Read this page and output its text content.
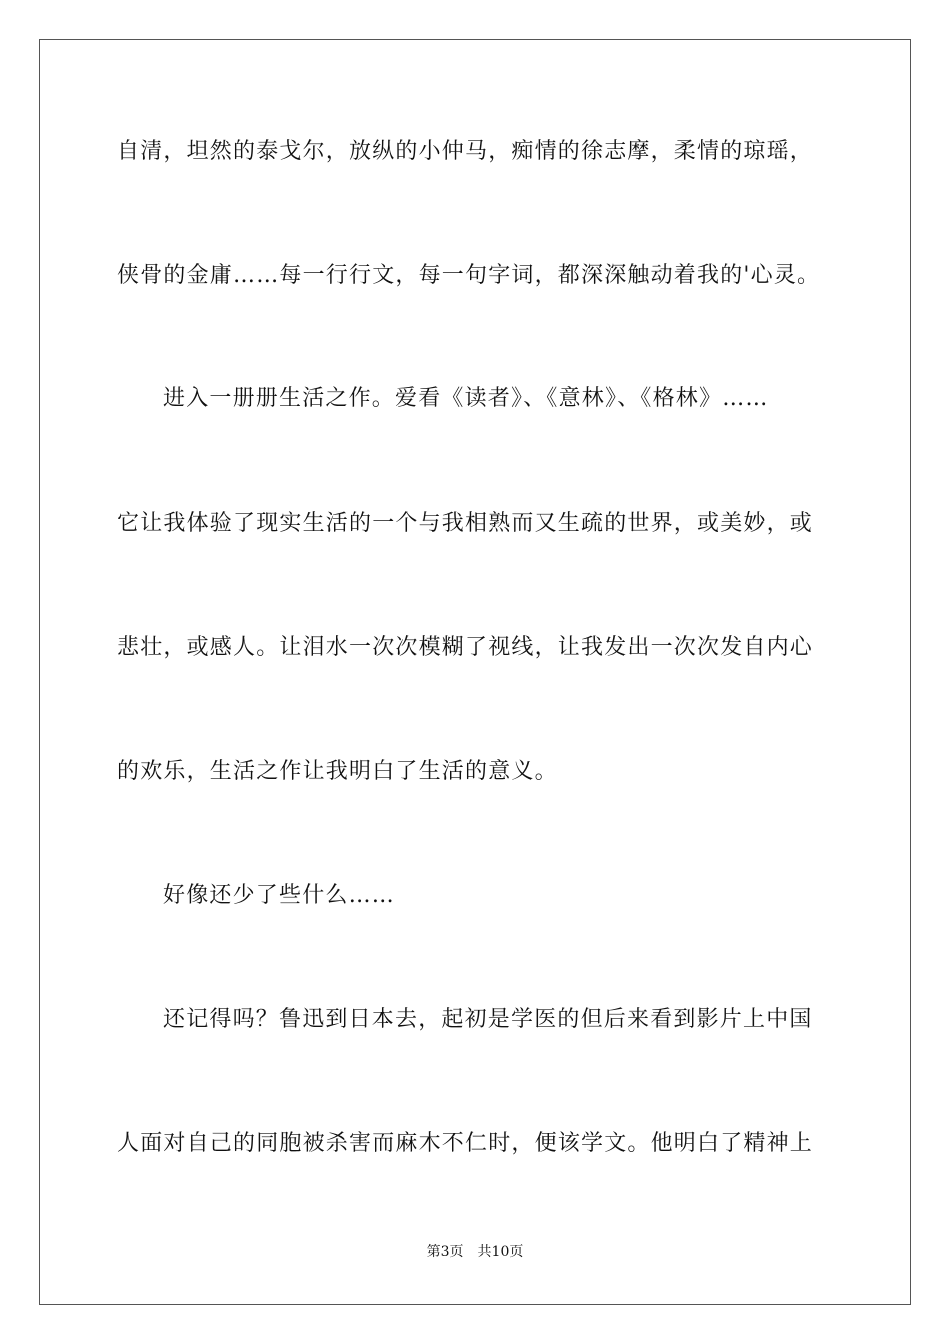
自清，坦然的泰戈尔，放纵的小仲马，痴情的徐志摩，柔情的琼瑶，
侠骨的金庸……每一行行文，每一句字词，都深深触动着我的'心灵。
进入一册册生活之作。爱看《读者》、《意林》、《格林》……
它让我体验了现实生活的一个与我相熟而又生疏的世界，或美妙，或
悲壮，或感人。让泪水一次次模糊了视线，让我发出一次次发自内心
的欢乐，生活之作让我明白了生活的意义。
好像还少了些什么……
还记得吗？鲁迅到日本去，起初是学医的但后来看到影片上中国
人面对自己的同胞被杀害而麻木不仁时，便该学文。他明白了精神上
第3页 共10页
